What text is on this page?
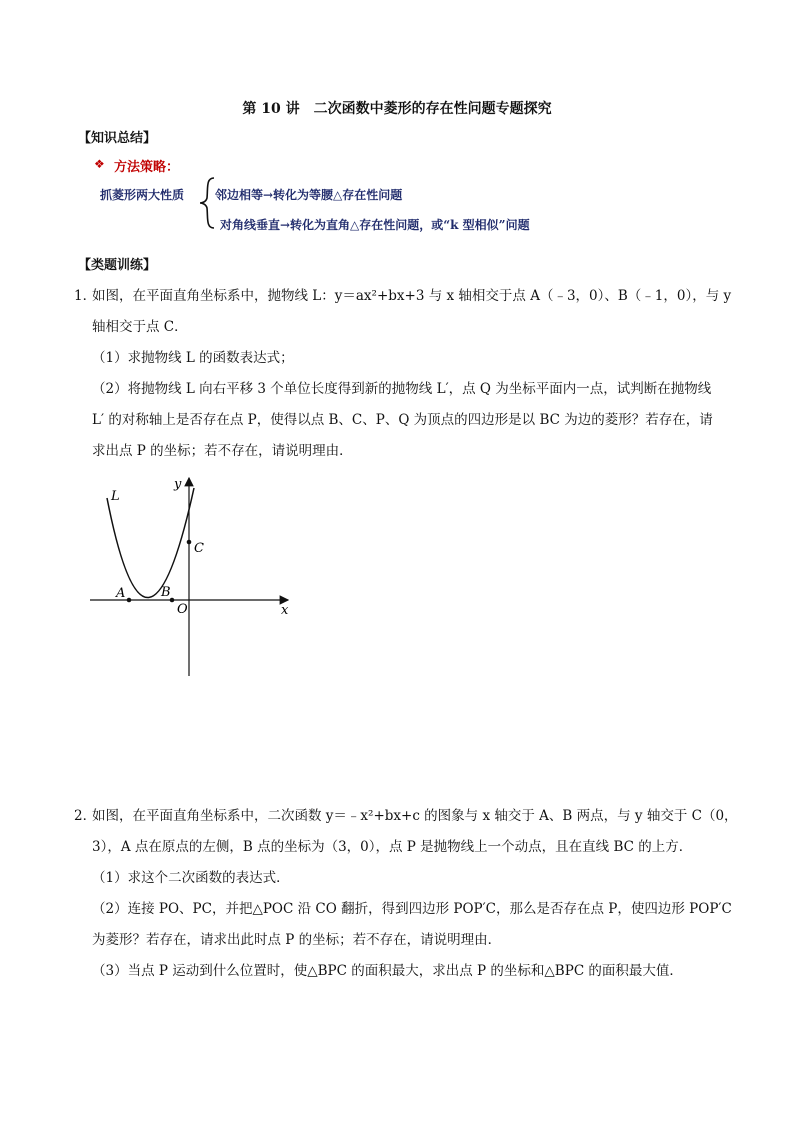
第 10 讲　二次函数中菱形的存在性问题专题探究
【知识总结】
❖ 方法策略：
抓菱形两大性质	邻边相等→转化为等腰△存在性问题
对角线垂直→转化为直角△存在性问题，或“k 型相似”问题
【类题训练】
1．
如图，在平面直角坐标系中，抛物线 L：y＝ax²+bx+3 与 x 轴相交于点 A（﹣3，0）、B（﹣1，0），与 y
轴相交于点 C．
（1）求抛物线 L 的函数表达式；
（2）将抛物线 L 向右平移 3 个单位长度得到新的抛物线 L′，点 Q 为坐标平面内一点，试判断在抛物线
L′ 的对称轴上是否存在点 P，使得以点 B、C、P、Q 为顶点的四边形是以 BC 为边的菱形？若存在，请
求出点 P 的坐标；若不存在，请说明理由．
L
y
x
A	B
C
O
2．
如图，在平面直角坐标系中，二次函数 y＝﹣x²+bx+c 的图象与 x 轴交于 A、B 两点，与 y 轴交于 C（0，
3），A 点在原点的左侧，B 点的坐标为（3，0），点 P 是抛物线上一个动点，且在直线 BC 的上方．
（1）求这个二次函数的表达式．
（2）连接 PO、PC，并把△POC 沿 CO 翻折，得到四边形 POP′C，那么是否存在点 P，使四边形 POP′C
为菱形？若存在，请求出此时点 P 的坐标；若不存在，请说明理由．
（3）当点 P 运动到什么位置时，使△BPC 的面积最大，求出点 P 的坐标和△BPC 的面积最大值．
